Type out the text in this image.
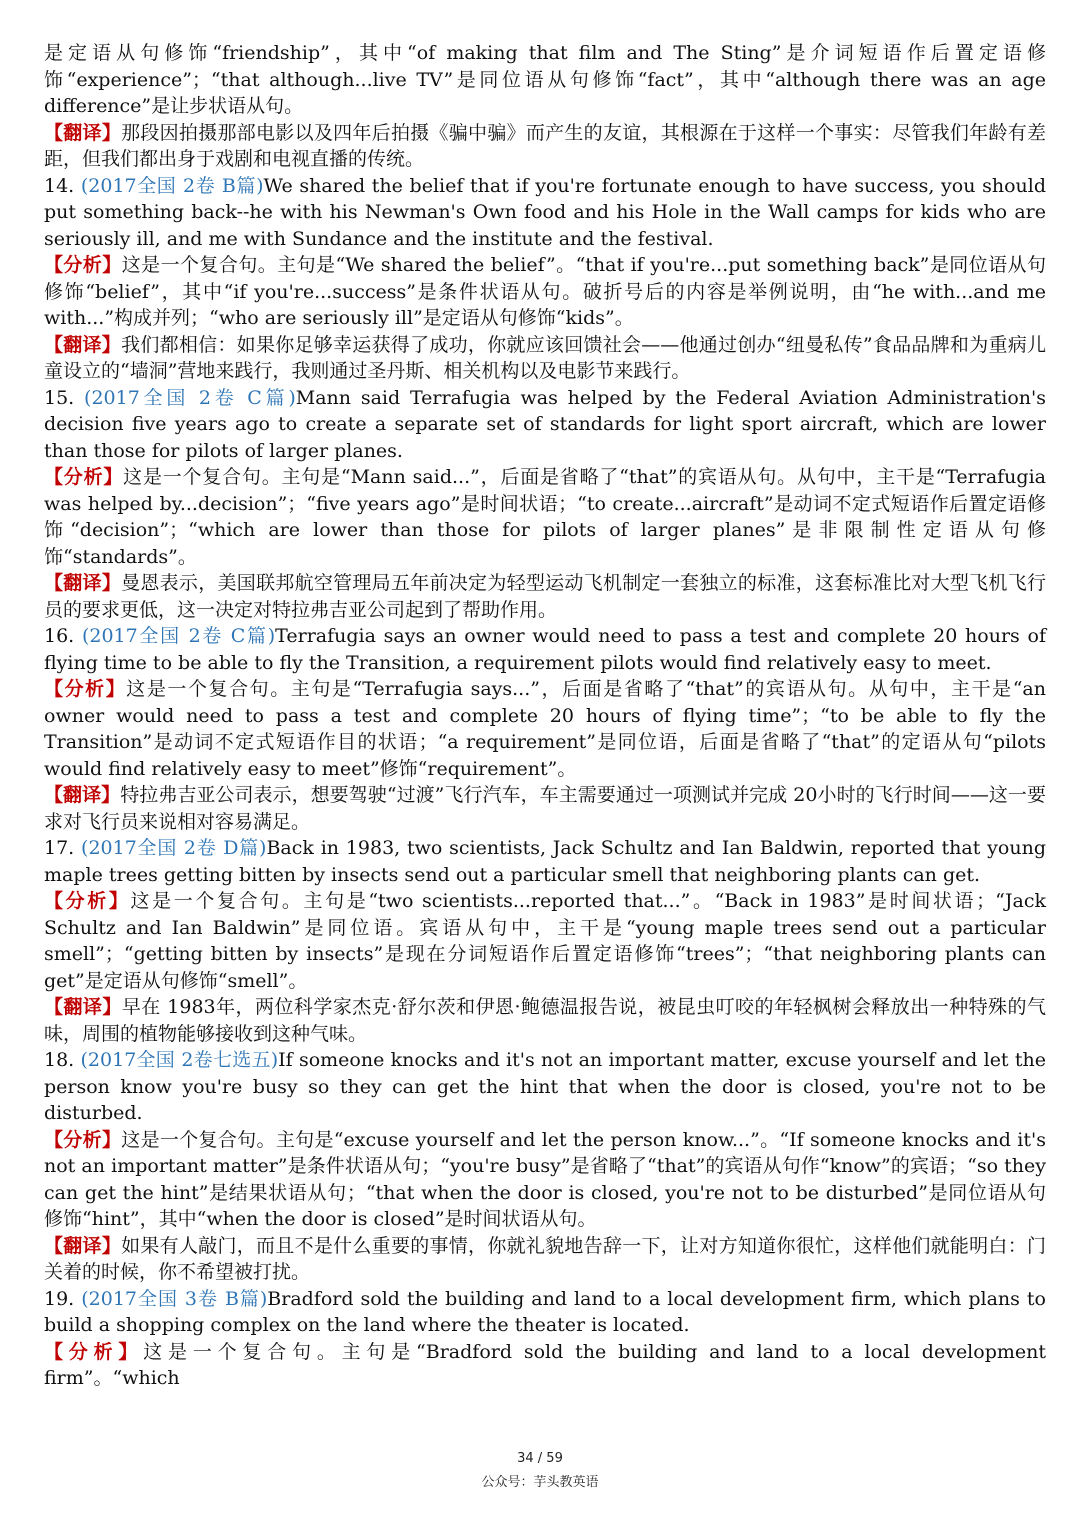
是定语从句修饰“friendship”，其中“of making that film and The Sting”是介词短语作后置定语修饰“experience”；“that although...live TV”是同位语从句修饰“fact”，其中“although there was an age difference”是让步状语从句。

【翻译】那段因拍摄那部电影以及四年后拍摄《骗中骗》而产生的友谊，其根源在于这样一个事实：尽管我们年龄有差距，但我们都出身于戏剧和电视直播的传统。

14. (2017全国 2卷 B篇)We shared the belief that if you're fortunate enough to have success, you should put something back--he with his Newman's Own food and his Hole in the Wall camps for kids who are seriously ill, and me with Sundance and the institute and the festival.

【分析】这是一个复合句。主句是“We shared the belief”。“that if you're...put something back”是同位语从句修饰“belief”，其中“if you're...success”是条件状语从句。破折号后的内容是举例说明，由“he with...and me with...”构成并列；“who are seriously ill”是定语从句修饰“kids”。

【翻译】我们都相信：如果你足够幸运获得了成功，你就应该回馈社会——他通过创办“纽曼私传”食品品牌和为重病儿童设立的“墙洞”营地来践行，我则通过圣丹斯、相关机构以及电影节来践行。

15. (2017全国 2卷 C篇)Mann said Terrafugia was helped by the Federal Aviation Administration's decision five years ago to create a separate set of standards for light sport aircraft, which are lower than those for pilots of larger planes.

【分析】这是一个复合句。主句是“Mann said...”，后面是省略了“that”的宾语从句。从句中，主干是“Terrafugia was helped by...decision”；“five years ago”是时间状语；“to create...aircraft”是动词不定式短语作后置定语修饰“decision”；“which are lower than those for pilots of larger planes”是非限制性定语从句修饰“standards”。

【翻译】曼恩表示，美国联邦航空管理局五年前决定为轻型运动飞机制定一套独立的标准，这套标准比对大型飞机飞行员的要求更低，这一决定对特拉弗吉亚公司起到了帮助作用。

16. (2017全国 2卷 C篇)Terrafugia says an owner would need to pass a test and complete 20 hours of flying time to be able to fly the Transition, a requirement pilots would find relatively easy to meet.

【分析】这是一个复合句。主句是“Terrafugia says...”，后面是省略了“that”的宾语从句。从句中，主干是“an owner would need to pass a test and complete 20 hours of flying time”；“to be able to fly the Transition”是动词不定式短语作目的状语；“a requirement”是同位语，后面是省略了“that”的定语从句“pilots would find relatively easy to meet”修饰“requirement”。

【翻译】特拉弗吉亚公司表示，想要驾驶“过渡”飞行汽车，车主需要通过一项测试并完成 20小时的飞行时间——这一要求对飞行员来说相对容易满足。

17. (2017全国 2卷 D篇)Back in 1983, two scientists, Jack Schultz and Ian Baldwin, reported that young maple trees getting bitten by insects send out a particular smell that neighboring plants can get.

【分析】这是一个复合句。主句是“two scientists...reported that...”。“Back in 1983”是时间状语；“Jack Schultz and Ian Baldwin”是同位语。宾语从句中，主干是“young maple trees send out a particular smell”；“getting bitten by insects”是现在分词短语作后置定语修饰“trees”；“that neighboring plants can get”是定语从句修饰“smell”。

【翻译】早在 1983年，两位科学家杰克·舒尔茨和伊恩·鲍德温报告说，被昆虫叮咬的年轻枫树会释放出一种特殊的气味，周围的植物能够接收到这种气味。

18. (2017全国 2卷七选五)If someone knocks and it's not an important matter, excuse yourself and let the person know you're busy so they can get the hint that when the door is closed, you're not to be disturbed.

【分析】这是一个复合句。主句是“excuse yourself and let the person know...”。“If someone knocks and it's not an important matter”是条件状语从句；“you're busy”是省略了“that”的宾语从句作“know”的宾语；“so they can get the hint”是结果状语从句；“that when the door is closed, you're not to be disturbed”是同位语从句修饰“hint”，其中“when the door is closed”是时间状语从句。

【翻译】如果有人敲门，而且不是什么重要的事情，你就礼貌地告辞一下，让对方知道你很忙，这样他们就能明白：门关着的时候，你不希望被打扰。

19. (2017全国 3卷 B篇)Bradford sold the building and land to a local development firm, which plans to build a shopping complex on the land where the theater is located.

【分析】这是一个复合句。主句是“Bradford sold the building and land to a local development firm”。“which

34 / 59
公众号：芋头教英语
